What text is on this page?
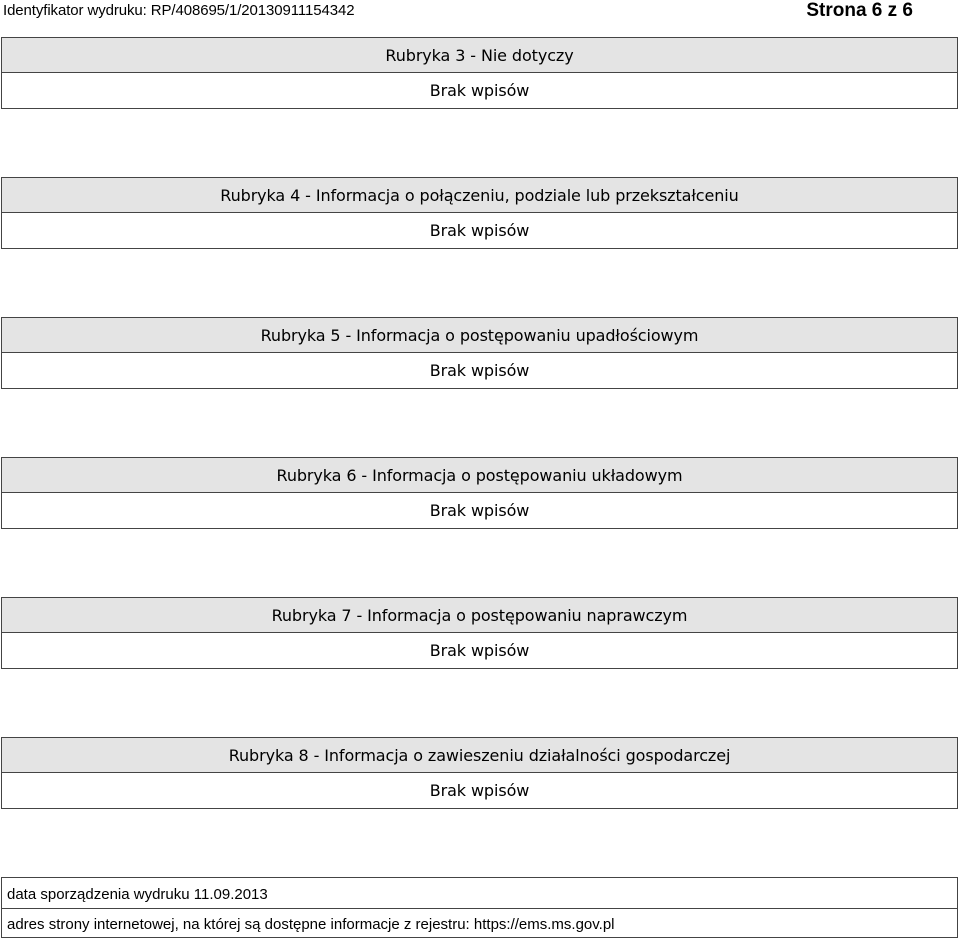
Identyfikator wydruku: RP/408695/1/20130911154342	Strona 6 z 6
Rubryka 3 - Nie dotyczy
Brak wpisów
Rubryka 4 - Informacja o połączeniu, podziale lub przekształceniu
Brak wpisów
Rubryka 5 - Informacja o postępowaniu upadłościowym
Brak wpisów
Rubryka 6 - Informacja o postępowaniu układowym
Brak wpisów
Rubryka 7 - Informacja o postępowaniu naprawczym
Brak wpisów
Rubryka 8 - Informacja o zawieszeniu działalności gospodarczej
Brak wpisów
data sporządzenia wydruku 11.09.2013
adres strony internetowej, na której są dostępne informacje z rejestru: https://ems.ms.gov.pl
